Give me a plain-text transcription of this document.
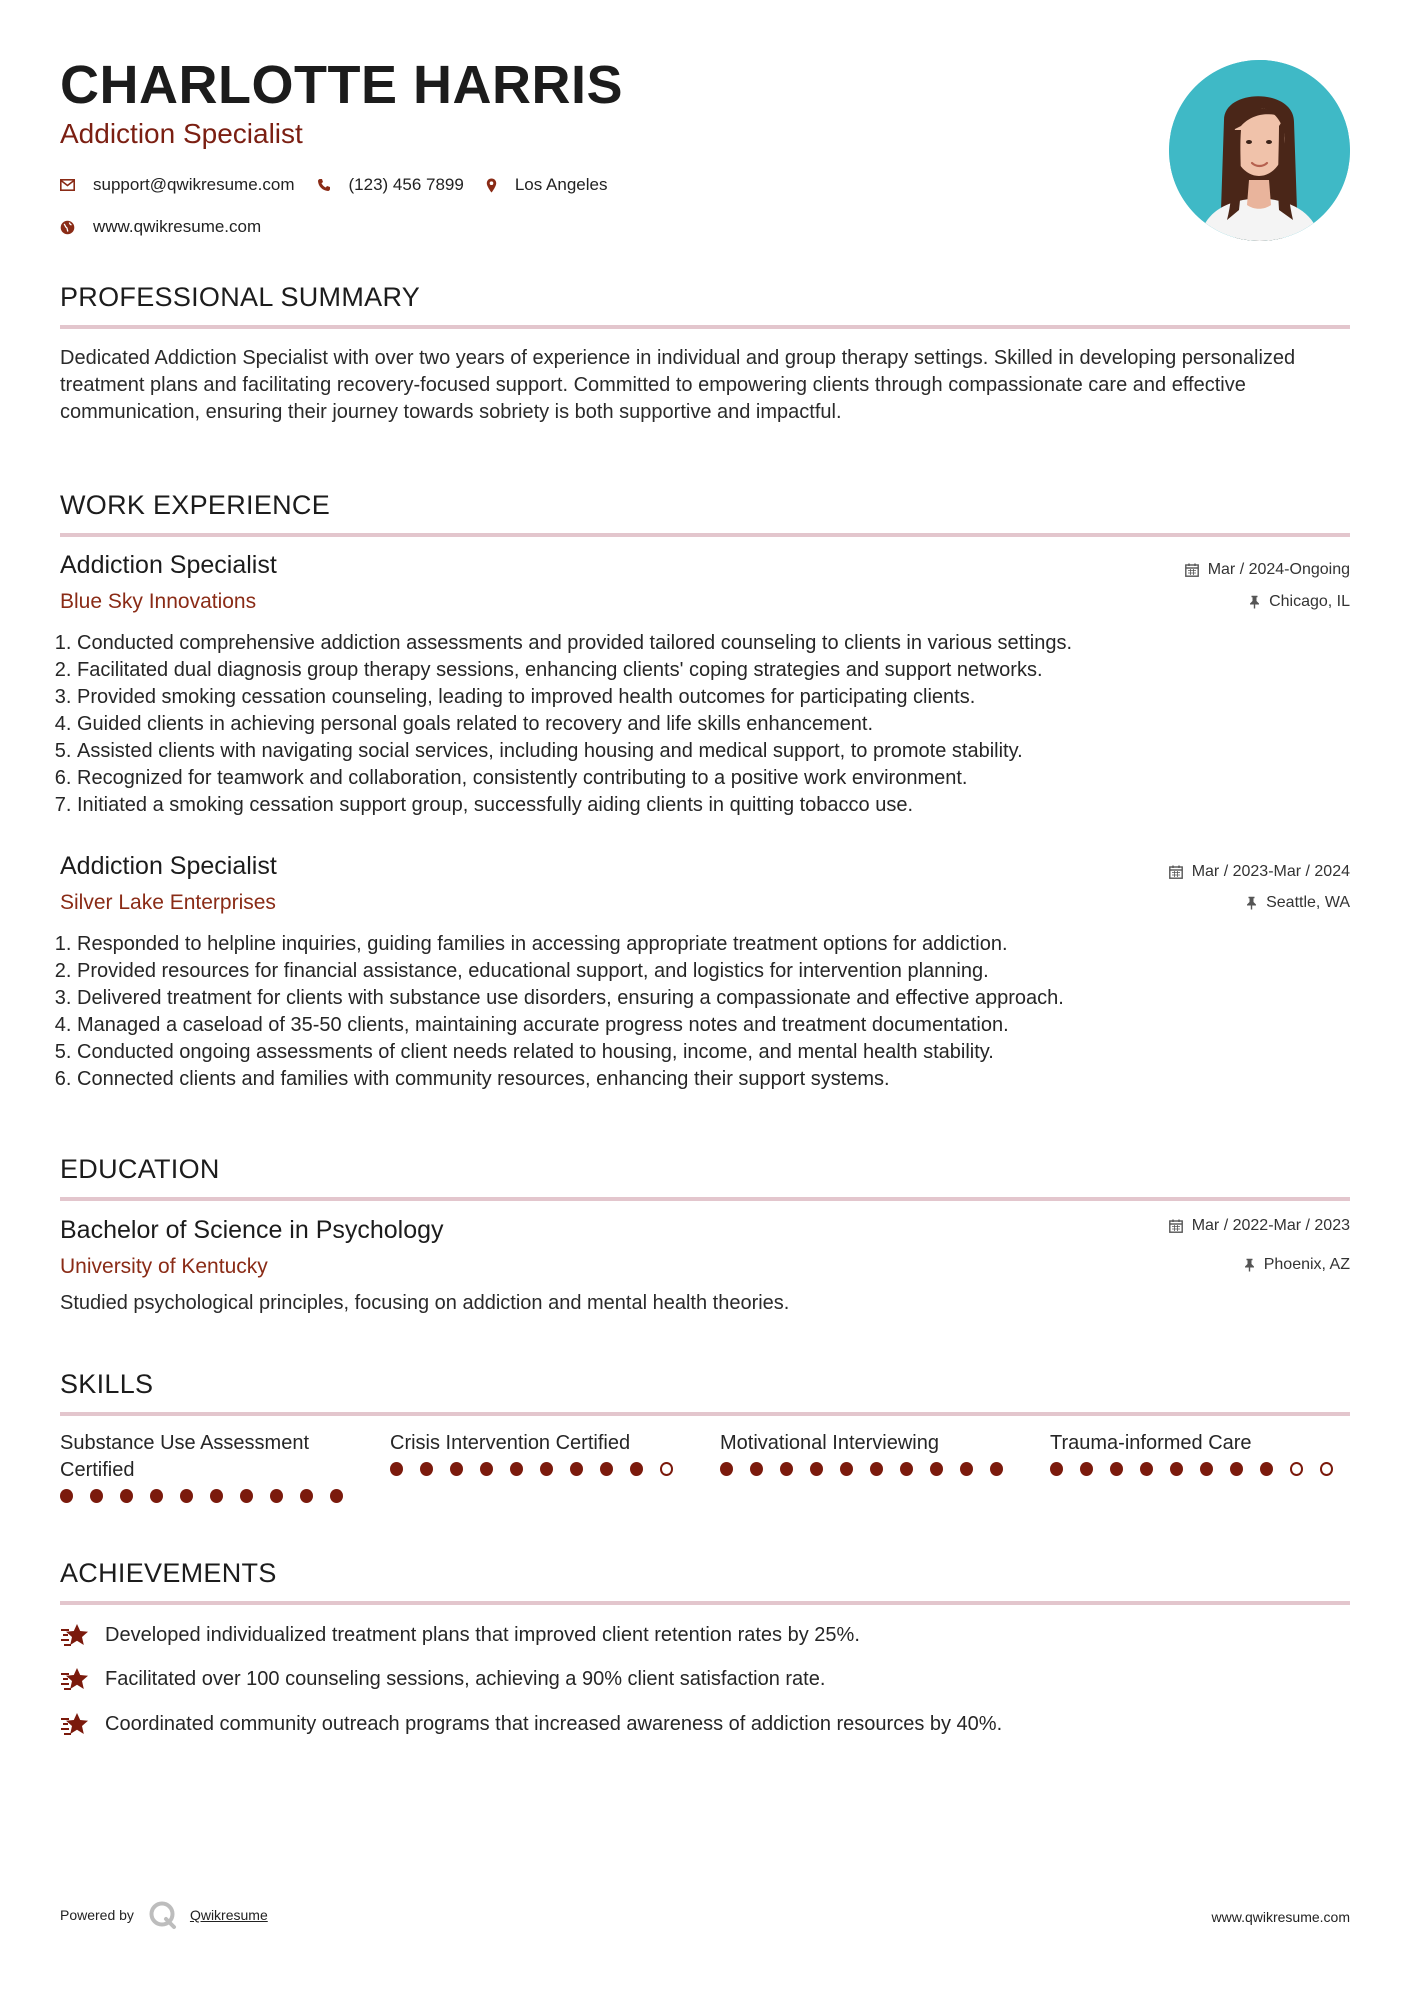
CHARLOTTE HARRIS
Addiction Specialist
support@qwikresume.com	(123) 456 7899	Los Angeles
www.qwikresume.com
PROFESSIONAL SUMMARY

Dedicated Addiction Specialist with over two years of experience in individual and group therapy settings. Skilled in developing personalized treatment plans and facilitating recovery-focused support. Committed to empowering clients through compassionate care and effective communication, ensuring their journey towards sobriety is both supportive and impactful.

WORK EXPERIENCE
Addiction Specialist	Mar / 2024-Ongoing
Blue Sky Innovations	Chicago, IL
1. Conducted comprehensive addiction assessments and provided tailored counseling to clients in various settings.
2. Facilitated dual diagnosis group therapy sessions, enhancing clients' coping strategies and support networks.
3. Provided smoking cessation counseling, leading to improved health outcomes for participating clients.
4. Guided clients in achieving personal goals related to recovery and life skills enhancement.
5. Assisted clients with navigating social services, including housing and medical support, to promote stability.
6. Recognized for teamwork and collaboration, consistently contributing to a positive work environment.
7. Initiated a smoking cessation support group, successfully aiding clients in quitting tobacco use.
Addiction Specialist	Mar / 2023-Mar / 2024
Silver Lake Enterprises	Seattle, WA
1. Responded to helpline inquiries, guiding families in accessing appropriate treatment options for addiction.
2. Provided resources for financial assistance, educational support, and logistics for intervention planning.
3. Delivered treatment for clients with substance use disorders, ensuring a compassionate and effective approach.
4. Managed a caseload of 35-50 clients, maintaining accurate progress notes and treatment documentation.
5. Conducted ongoing assessments of client needs related to housing, income, and mental health stability.
6. Connected clients and families with community resources, enhancing their support systems.
EDUCATION
Bachelor of Science in Psychology	Mar / 2022-Mar / 2023
University of Kentucky	Phoenix, AZ

Studied psychological principles, focusing on addiction and mental health theories.

SKILLS
Substance Use Assessment Certified
Crisis Intervention Certified	Motivational Interviewing	Trauma-informed Care
ACHIEVEMENTS
Developed individualized treatment plans that improved client retention rates by 25%.
Facilitated over 100 counseling sessions, achieving a 90% client satisfaction rate.
Coordinated community outreach programs that increased awareness of addiction resources by 40%.
Powered by	Qwikresume	www.qwikresume.com
